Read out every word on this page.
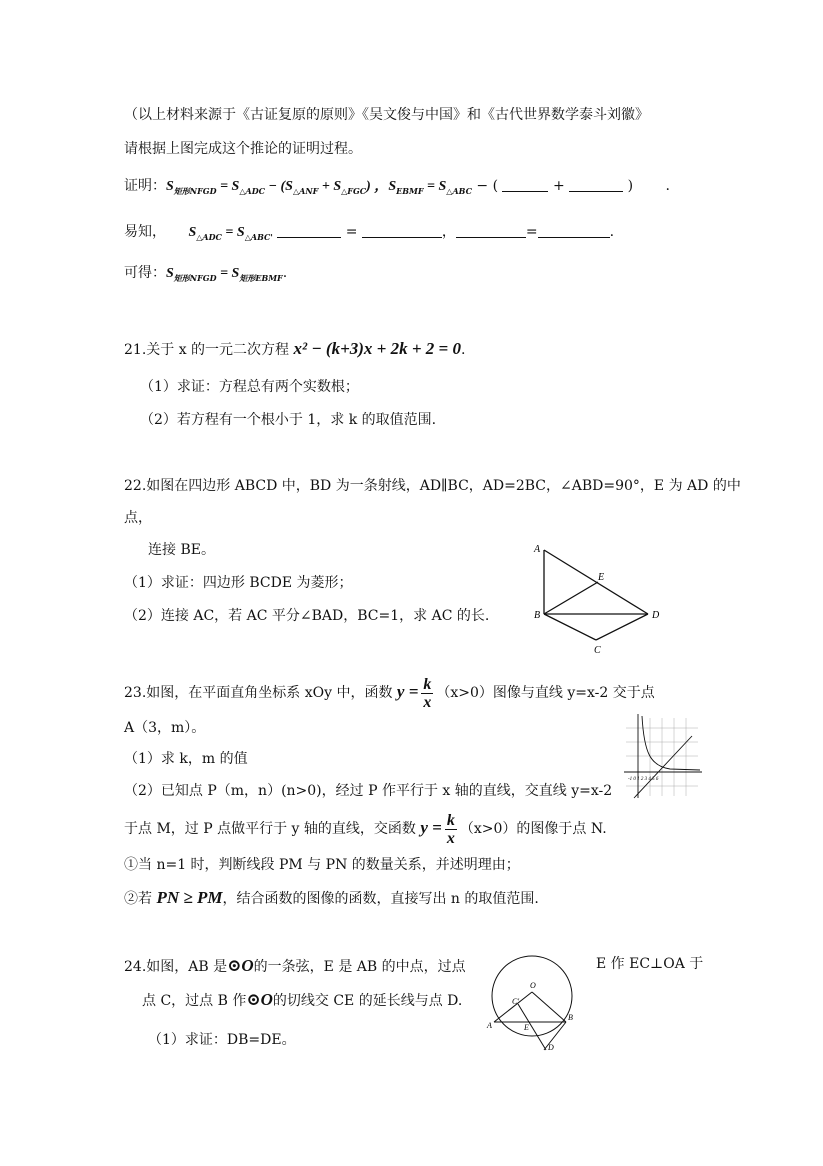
（以上材料来源于《古证复原的原则》《吴文俊与中国》和《古代世界数学泰斗刘徽》
请根据上图完成这个推论的证明过程。
证明：$S_{矩形NFGD} = S_{\triangle ADC} - (S_{\triangle ANF} + S_{\triangle FGC})$ ，$S_{EBMF} = S_{\triangle ABC}$ − (	+	) .
易知， $S_{\triangle ADC} = S_{\triangle ABC'}$	=	，	=	.
可得：$S_{矩形NFGD} = S_{矩形EBMF}$.
21.关于 x 的一元二次方程 x² − (k+3)x + 2k + 2 = 0.
（1）求证：方程总有两个实数根；
（2）若方程有一个根小于 1，求 k 的取值范围.
22.如图在四边形 ABCD 中，BD 为一条射线，AD∥BC，AD=2BC，∠ABD=90°，E 为 AD 的中
点，
连接 BE。
（1）求证：四边形 BCDE 为菱形；
（2）连接 AC，若 AC 平分∠BAD，BC=1，求 AC 的长.
A
B
C
D
E
23.如图，在平面直角坐标系 xOy 中，函数 $y = \frac{k}{x} (x>0)$图像与直线 y=x-2 交于点
A（3，m）。
（1）求 k，m 的值
（2）已知点 P（m，n）(n>0)，经过 P 作平行于 x 轴的直线，交直线 y=x-2
于点 M，过 P 点做平行于 y 轴的直线，交函数 $y = \frac{k}{x} (x>0)$的图像于点 N.
①当 n=1 时，判断线段 PM 与 PN 的数量关系，并述明理由；
②若 PN ≥ PM，结合函数的图像的函数，直接写出 n 的取值范围.
-1 0 1 2 3 4 5 6
24.如图，AB 是⊙O的一条弦，E 是 AB 的中点，过点	E 作 EC⊥OA 于
点 C，过点 B 作⊙O的切线交 CE 的延长线与点 D.
（1）求证：DB=DE。
O
C'
A	E
B
D
